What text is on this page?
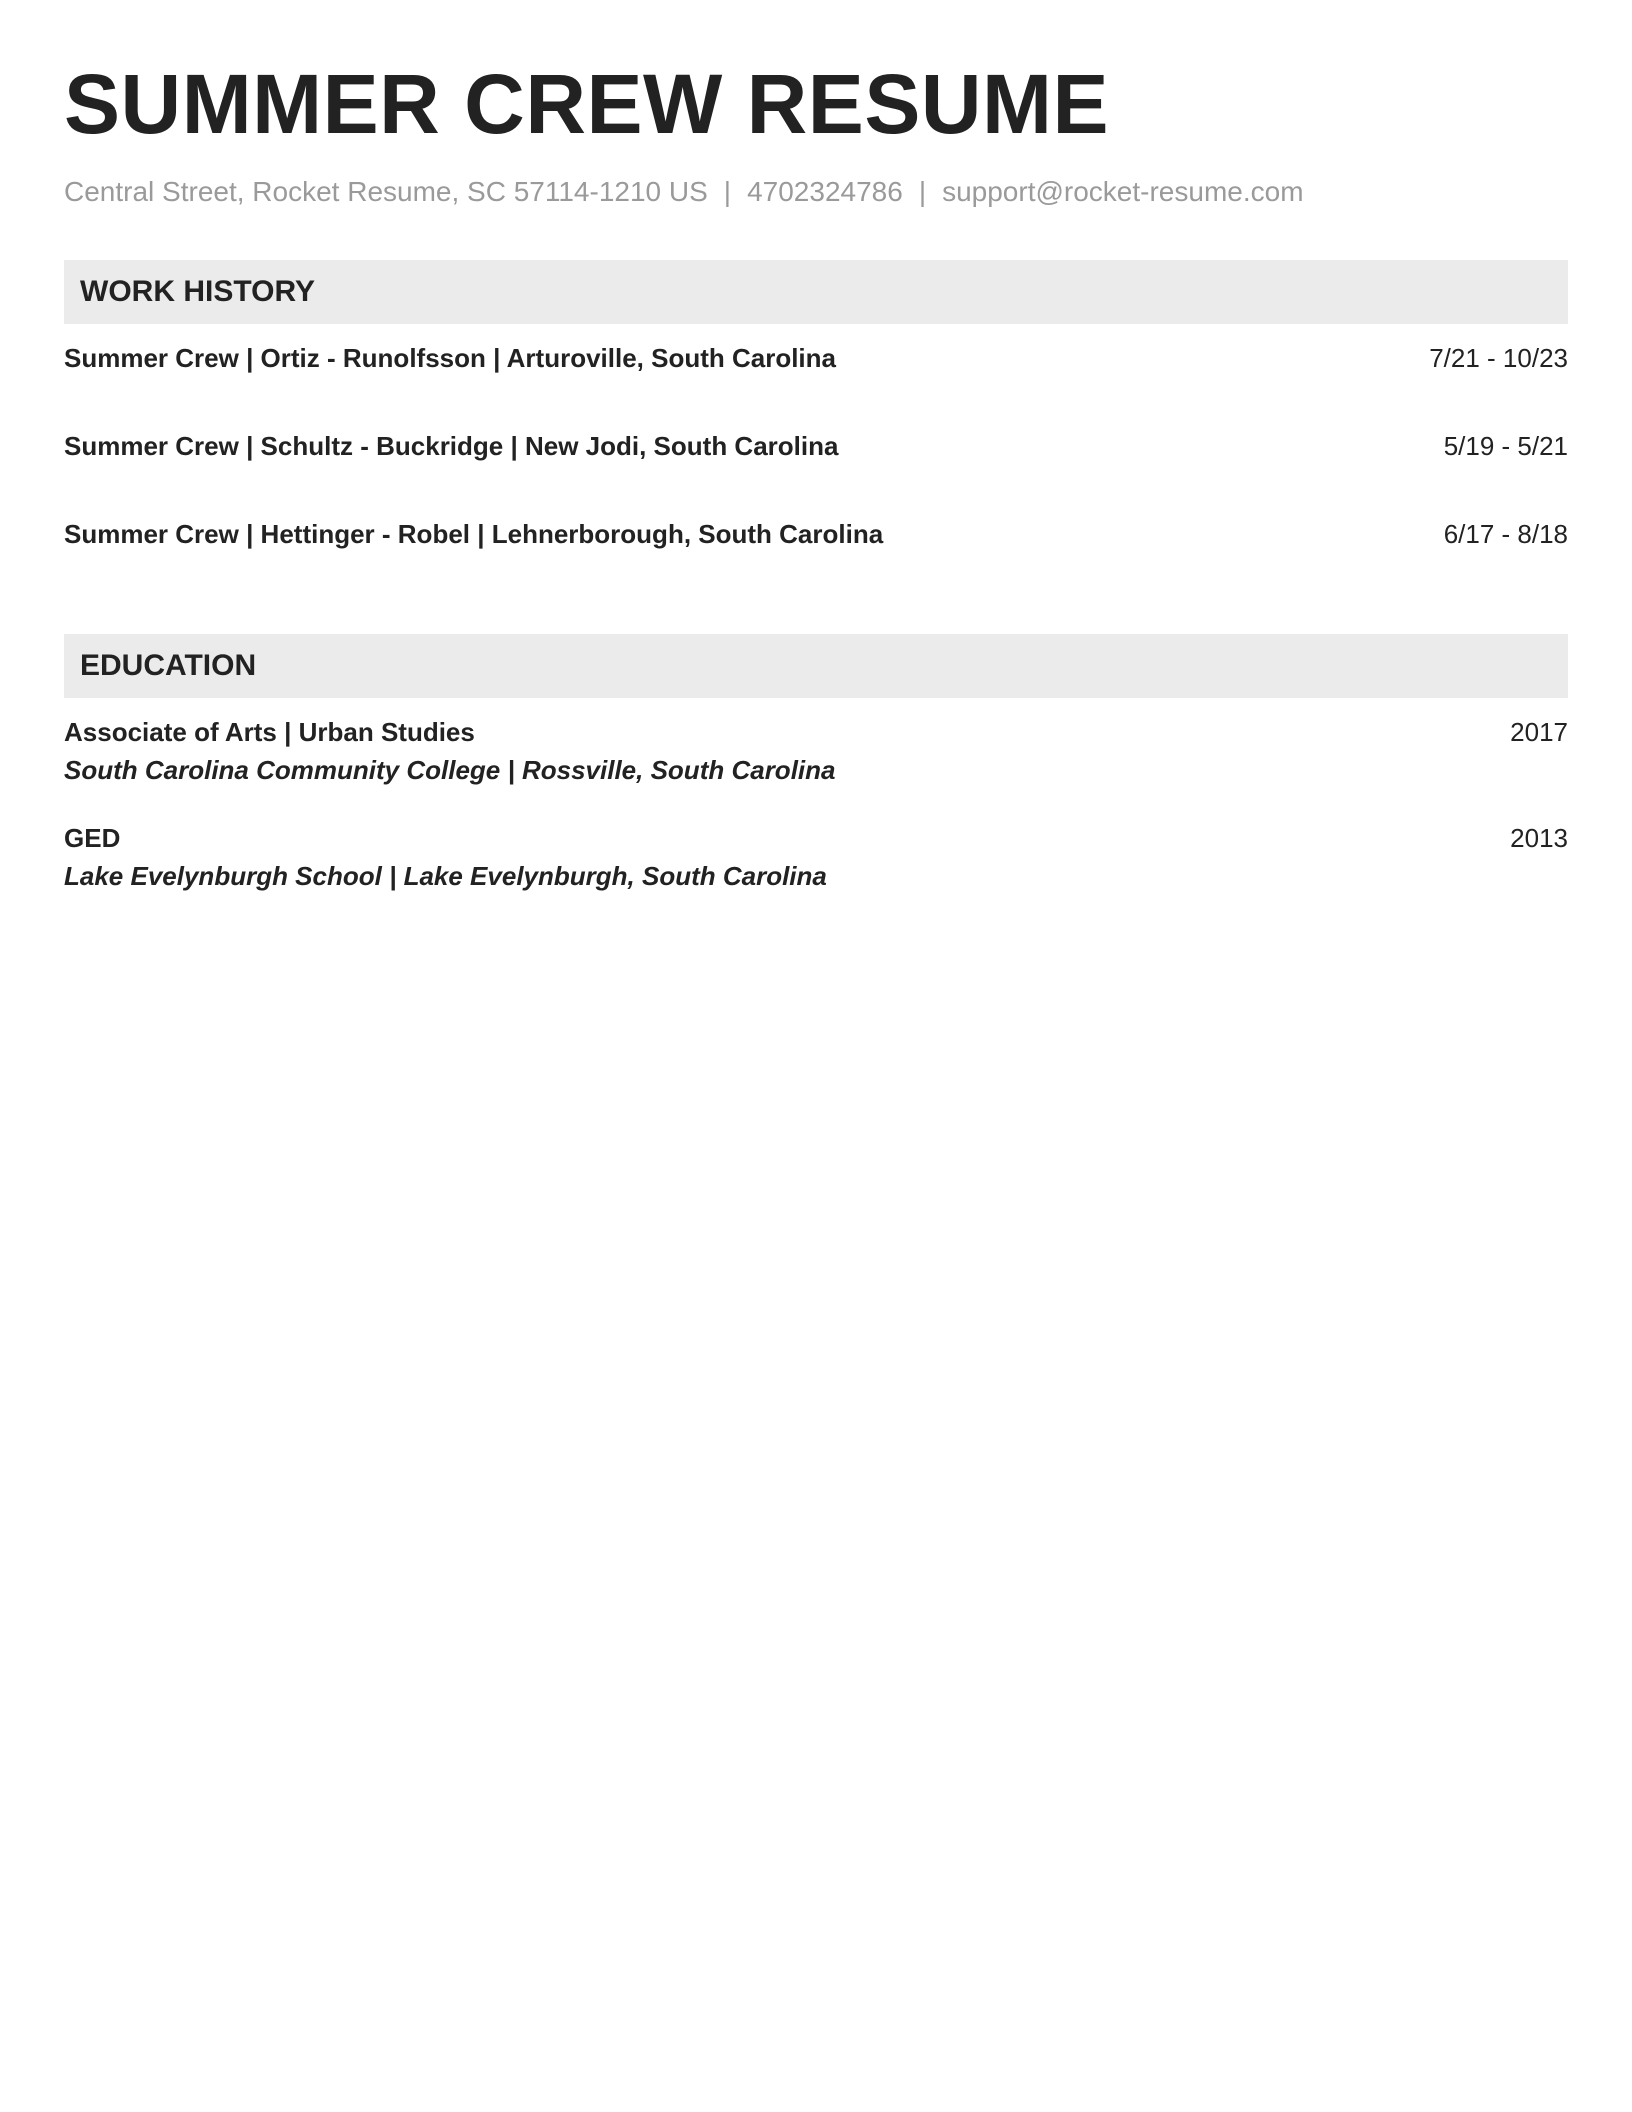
SUMMER CREW RESUME
Central Street, Rocket Resume, SC 57114-1210 US | 4702324786 | support@rocket-resume.com
WORK HISTORY
Summer Crew | Ortiz - Runolfsson | Arturoville, South Carolina	7/21 - 10/23
Summer Crew | Schultz - Buckridge | New Jodi, South Carolina	5/19 - 5/21
Summer Crew | Hettinger - Robel | Lehnerborough, South Carolina	6/17 - 8/18
EDUCATION
Associate of Arts | Urban Studies	2017
South Carolina Community College | Rossville, South Carolina
GED	2013
Lake Evelynburgh School | Lake Evelynburgh, South Carolina
